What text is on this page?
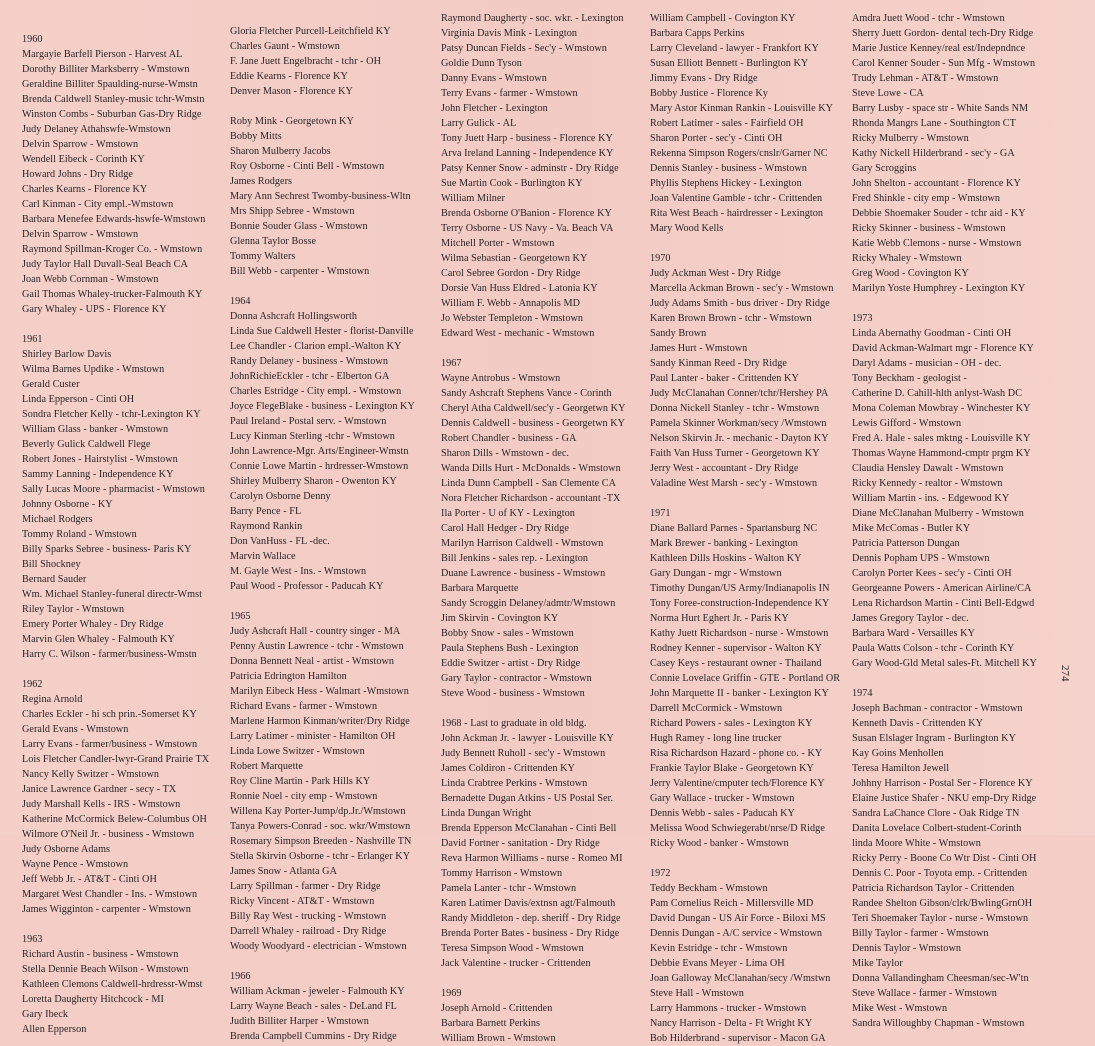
1960
Margayie Barfell Pierson - Harvest AL
Dorothy Billiter Marksberry - Wmstown
Geraldine Billiter Spaulding-nurse-Wmstn
Brenda Caldwell Stanley-music tchr-Wmstn
Winston Combs - Suburban Gas-Dry Ridge
Judy Delaney Athahswfe-Wmstown
Delvin Sparrow - Wmstown
Wendell Eibeck - Corinth KY
Howard Johns - Dry Ridge
Charles Kearns - Florence KY
Carl Kinman - City empl.-Wmstown
Barbara Menefee Edwards-hswfe-Wmstown
Delvin Sparrow - Wmstown
Raymond Spillman-Kroger Co. - Wmstown
Judy Taylor Hall Duvall-Seal Beach CA
Joan Webb Cornman - Wmstown
Gail Thomas Whaley-trucker-Falmouth KY
Gary Whaley - UPS - Florence KY
1961
Shirley Barlow Davis
Wilma Barnes Updike - Wmstown
Gerald Custer
Linda Epperson - Cinti OH
Sondra Fletcher Kelly - tchr-Lexington KY
William Glass - banker - Wmstown
Beverly Gulick Caldwell Flege
Robert Jones - Hairstylist - Wmstown
Sammy Lanning - Independence KY
Sally Lucas Moore - pharmacist - Wmstown
Johnny Osborne - KY
Michael Rodgers
Tommy Roland - Wmstown
Billy Sparks Sebree - business- Paris KY
Bill Shockney
Bernard Sauder
Wm. Michael Stanley-funeral directr-Wmst
Riley Taylor - Wmstown
Emery Porter Whaley - Dry Ridge
Marvin Glen Whaley - Falmouth KY
Harry C. Wilson - farmer/business-Wmstn
1962
Regina Arnold
Charles Eckler - hi sch prin.-Somerset KY
Gerald Evans - Wmstown
Larry Evans - farmer/business - Wmstown
Lois Fletcher Candler-lwyr-Grand Prairie TX
Nancy Kelly Switzer - Wmstown
Janice Lawrence Gardner - secy - TX
Judy Marshall Kells - IRS - Wmstown
Katherine McCormick Belew-Columbus OH
Wilmore O'Neil Jr. - business - Wmstown
Judy Osborne Adams
Wayne Pence - Wmstown
Jeff Webb Jr. - AT&T - Cinti OH
Margaret West Chandler - Ins. - Wmstown
James Wigginton - carpenter - Wmstown
1963
Richard Austin - business - Wmstown
Stella Dennie Beach Wilson - Wmstown
Kathleen Clemons Caldwell-hrdressr-Wmst
Loretta Daugherty Hitchcock - MI
Gary Ibeck
Allen Epperson
Gloria Fletcher Purcell-Leitchfield KY
Charles Gaunt - Wmstown
F. Jane Juett Engelbracht - tchr - OH
Eddie Kearns - Florence KY
Denver Mason - Florence KY
Roby Mink - Georgetown KY
Bobby Mitts
Sharon Mulberry Jacobs
Roy Osborne - Cinti Bell - Wmstown
James Rodgers
Mary Ann Sechrest Twomby-business-Wltn
Mrs Shipp Sebree - Wmstown
Bonnie Souder Glass - Wmstown
Glenna Taylor Bosse
Tommy Walters
Bill Webb - carpenter - Wmstown
1964
Donna Ashcraft Hollingsworth
Linda Sue Caldwell Hester - florist-Danville
Lee Chandler - Clarion empl.-Walton KY
Randy Delaney - business - Wmstown
JohnRichieEckler - tchr - Elberton GA
Charles Estridge - City empl. - Wmstown
Joyce FlegeBlake - business - Lexington KY
Paul Ireland - Postal serv. - Wmstown
Lucy Kinman Sterling -tchr - Wmstown
John Lawrence-Mgr. Arts/Engineer-Wmstn
Connie Lowe Martin - hrdresser-Wmstown
Shirley Mulberry Sharon - Owenton KY
Carolyn Osborne Denny
Barry Pence - FL
Raymond Rankin
Don VanHuss - FL -dec.
Marvin Wallace
M. Gayle West - Ins. - Wmstown
Paul Wood - Professor - Paducah KY
1965
Judy Ashcraft Hall - country singer - MA
Penny Austin Lawrence - tchr - Wmstown
Donna Bennett Neal - artist - Wmstown
Patricia Edrington Hamilton
Marilyn Eibeck Hess - Walmart -Wmstown
Richard Evans - farmer - Wmstown
Marlene Harmon Kinman/writer/Dry Ridge
Larry Latimer - minister - Hamilton OH
Linda Lowe Switzer - Wmstown
Robert Marquette
Roy Cline Martin - Park Hills KY
Ronnie Noel - city emp - Wmstown
Willena Kay Porter-Jump/dp.Jr./Wmstown
Tanya Powers-Conrad - soc. wkr/Wmstown
Rosemary Simpson Breeden - Nashville TN
Stella Skirvin Osborne - tchr - Erlanger KY
James Snow - Atlanta GA
Larry Spillman - farmer - Dry Ridge
Ricky Vincent - AT&T - Wmstown
Billy Ray West - trucking - Wmstown
Darrell Whaley - railroad - Dry Ridge
Woody Woodyard - electrician - Wmstown
1966
William Ackman - jeweler - Falmouth KY
Larry Wayne Beach - sales - DeLand FL
Judith Billiter Harper - Wmstown
Brenda Campbell Cummins - Dry Ridge
Raymond Daugherty - soc. wkr. - Lexington
Virginia Davis Mink - Lexington
Patsy Duncan Fields - Sec'y - Wmstown
Goldie Dunn Tyson
Danny Evans - Wmstown
Terry Evans - farmer - Wmstown
John Fletcher - Lexington
Larry Gulick - AL
Tony Juett Harp - business - Florence KY
Arva Ireland Lanning - Independence KY
Patsy Kenner Snow - adminstr - Dry Ridge
Sue Martin Cook - Burlington KY
William Milner
Brenda Osborne O'Banion - Florence KY
Terry Osborne - US Navy - Va. Beach VA
Mitchell Porter - Wmstown
Wilma Sebastian - Georgetown KY
Carol Sebree Gordon - Dry Ridge
Dorsie Van Huss Eldred - Latonia KY
William F. Webb - Annapolis MD
Jo Webster Templeton - Wmstown
Edward West - mechanic - Wmstown
1967
Wayne Antrobus - Wmstown
Sandy Ashcraft Stephens Vance - Corinth
Cheryl Atha Caldwell/sec'y - Georgetwn KY
Dennis Caldwell - business - Georgetwn KY
Robert Chandler - business - GA
Sharon Dills - Wmstown - dec.
Wanda Dills Hurt - McDonalds - Wmstown
Linda Dunn Campbell - San Clemente CA
Nora Fletcher Richardson - accountant -TX
Ila Porter - U of KY - Lexington
Carol Hall Hedger - Dry Ridge
Marilyn Harrison Caldwell - Wmstown
Bill Jenkins - sales rep. - Lexington
Duane Lawrence - business - Wmstown
Barbara Marquette
Sandy Scroggin Delaney/admtr/Wmstown
Jim Skirvin - Covington KY
Bobby Snow - sales - Wmstown
Paula Stephens Bush - Lexington
Eddie Switzer - artist - Dry Ridge
Gary Taylor - contractor - Wmstown
Steve Wood - business - Wmstown
1968 - Last to graduate in old bldg.
John Ackman Jr. - lawyer - Louisville KY
Judy Bennett Ruholl - sec'y - Wmstown
James Coldiron - Crittenden KY
Linda Crabtree Perkins - Wmstown
Bernadette Dugan Atkins - US Postal Ser.
Linda Dungan Wright
Brenda Epperson McClanahan - Cinti Bell
David Fortner - sanitation - Dry Ridge
Reva Harmon Williams - nurse - Romeo MI
Tommy Harrison - Wmstown
Pamela Lanter - tchr - Wmstown
Karen Latimer Davis/extnsn agt/Falmouth
Randy Middleton - dep. sheriff - Dry Ridge
Brenda Porter Bates - business - Dry Ridge
Teresa Simpson Wood - Wmstown
Jack Valentine - trucker - Crittenden
1969
Joseph Arnold - Crittenden
Barbara Barnett Perkins
William Brown - Wmstown
William Campbell - Covington KY
Barbara Capps Perkins
Larry Cleveland - lawyer - Frankfort KY
Susan Elliott Bennett - Burlington KY
Jimmy Evans - Dry Ridge
Bobby Justice - Florence Ky
Mary Astor Kinman Rankin - Louisville KY
Robert Latimer - sales - Fairfield OH
Sharon Porter - sec'y - Cinti OH
Rekenna Simpson Rogers/cnslr/Garner NC
Dennis Stanley - business - Wmstown
Phyllis Stephens Hickey - Lexington
Joan Valentine Gamble - tchr - Crittenden
Rita West Beach - hairdresser - Lexington
Mary Wood Kells
1970
Judy Ackman West - Dry Ridge
Marcella Ackman Brown - sec'y - Wmstown
Judy Adams Smith - bus driver - Dry Ridge
Karen Brown Brown - tchr - Wmstown
Sandy Brown
James Hurt - Wmstown
Sandy Kinman Reed - Dry Ridge
Paul Lanter - baker - Crittenden KY
Judy McClanahan Conner/tchr/Hershey PA
Donna Nickell Stanley - tchr - Wmstown
Pamela Skinner Workman/secy /Wmstown
Nelson Skirvin Jr. - mechanic - Dayton KY
Faith Van Huss Turner - Georgetown KY
Jerry West - accountant - Dry Ridge
Valadine West Marsh - sec'y - Wmstown
1971
Diane Ballard Parnes - Spartansburg NC
Mark Brewer - banking - Lexington
Kathleen Dills Hoskins - Walton KY
Gary Dungan - mgr - Wmstown
Timothy Dungan/US Army/Indianapolis IN
Tony Foree-construction-Independence KY
Norma Hurt Eghert Jr. - Paris KY
Kathy Juett Richardson - nurse - Wmstown
Rodney Kenner - supervisor - Walton KY
Casey Keys - restaurant owner - Thailand
Connie Lovelace Griffin - GTE - Portland OR
John Marquette II - banker - Lexington KY
Darrell McCormick - Wmstown
Richard Powers - sales - Lexington KY
Hugh Ramey - long line trucker
Risa Richardson Hazard - phone co. - KY
Frankie Taylor Blake - Georgetown KY
Jerry Valentine/cmputer tech/Florence KY
Gary Wallace - trucker - Wmstown
Dennis Webb - sales - Paducah KY
Melissa Wood Schwiegerabt/nrse/D Ridge
Ricky Wood - banker - Wmstown
1972
Teddy Beckham - Wmstown
Pam Cornelius Reich - Millersville MD
David Dungan - US Air Force - Biloxi MS
Dennis Dungan - A/C service - Wmstown
Kevin Estridge - tchr - Wmstown
Debbie Evans Meyer - Lima OH
Joan Galloway McClanahan/secy /Wmstwn
Steve Hall - Wmstown
Larry Hammons - trucker - Wmstown
Nancy Harrison - Delta - Ft Wright KY
Bob Hilderbrand - supervisor - Macon GA
Amdra Juett Wood - tchr - Wmstown
Sherry Juett Gordon- dental tech-Dry Ridge
Marie Justice Kenney/real est/Indepndnce
Carol Kenner Souder - Sun Mfg - Wmstown
Trudy Lehman - AT&T - Wmstown
Steve Lowe - CA
Barry Lusby - space str - White Sands NM
Rhonda Mangrs Lane - Southington CT
Ricky Mulberry - Wmstown
Kathy Nickell Hilderbrand - sec'y - GA
Gary Scroggins
John Shelton - accountant - Florence KY
Fred Shinkle - city emp - Wmstown
Debbie Shoemaker Souder - tchr aid - KY
Ricky Skinner - business - Wmstown
Katie Webb Clemons - nurse - Wmstown
Ricky Whaley - Wmstown
Greg Wood - Covington KY
Marilyn Yoste Humphrey - Lexington KY
1973
Linda Abernathy Goodman - Cinti OH
David Ackman-Walmart mgr - Florence KY
Daryl Adams - musician - OH - dec.
Tony Beckham - geologist -
Catherine D. Cahill-hlth anlyst-Wash DC
Mona Coleman Mowbray - Winchester KY
Lewis Gifford - Wmstown
Fred A. Hale - sales mktng - Louisville KY
Thomas Wayne Hammond-cmptr prgm KY
Claudia Hensley Dawalt - Wmstown
Ricky Kennedy - realtor - Wmstown
William Martin - ins. - Edgewood KY
Diane McClanahan Mulberry - Wmstown
Mike McComas - Butler KY
Patricia Patterson Dungan
Dennis Popham UPS - Wmstown
Carolyn Porter Kees - sec'y - Cinti OH
Georgeanne Powers - American Airline/CA
Lena Richardson Martin - Cinti Bell-Edgwd
James Gregory Taylor - dec.
Barbara Ward - Versailles KY
Paula Watts Colson - tchr - Corinth KY
Gary Wood-Gld Metal sales-Ft. Mitchell KY
1974
Joseph Bachman - contractor - Wmstown
Kenneth Davis - Crittenden KY
Susan Elslager Ingram - Burlington KY
Kay Goins Menhollen
Teresa Hamilton Jewell
Johhny Harrison - Postal Ser - Florence KY
Elaine Justice Shafer - NKU emp-Dry Ridge
Sandra LaChance Clore - Oak Ridge TN
Danita Lovelace Colbert-student-Corinth
linda Moore White - Wmstown
Ricky Perry - Boone Co Wtr Dist - Cinti OH
Dennis C. Poor - Toyota emp. - Crittenden
Patricia Richardson Taylor - Crittenden
Randee Shelton Gibson/clrk/BwlingGrnOH
Teri Shoemaker Taylor - nurse - Wmstown
Billy Taylor - farmer - Wmstown
Dennis Taylor - Wmstown
Mike Taylor
Donna Vallandingham Cheesman/sec-W'tn
Steve Wallace - farmer - Wmstown
Mike West - Wmstown
Sandra Willoughby Chapman - Wmstown
274
